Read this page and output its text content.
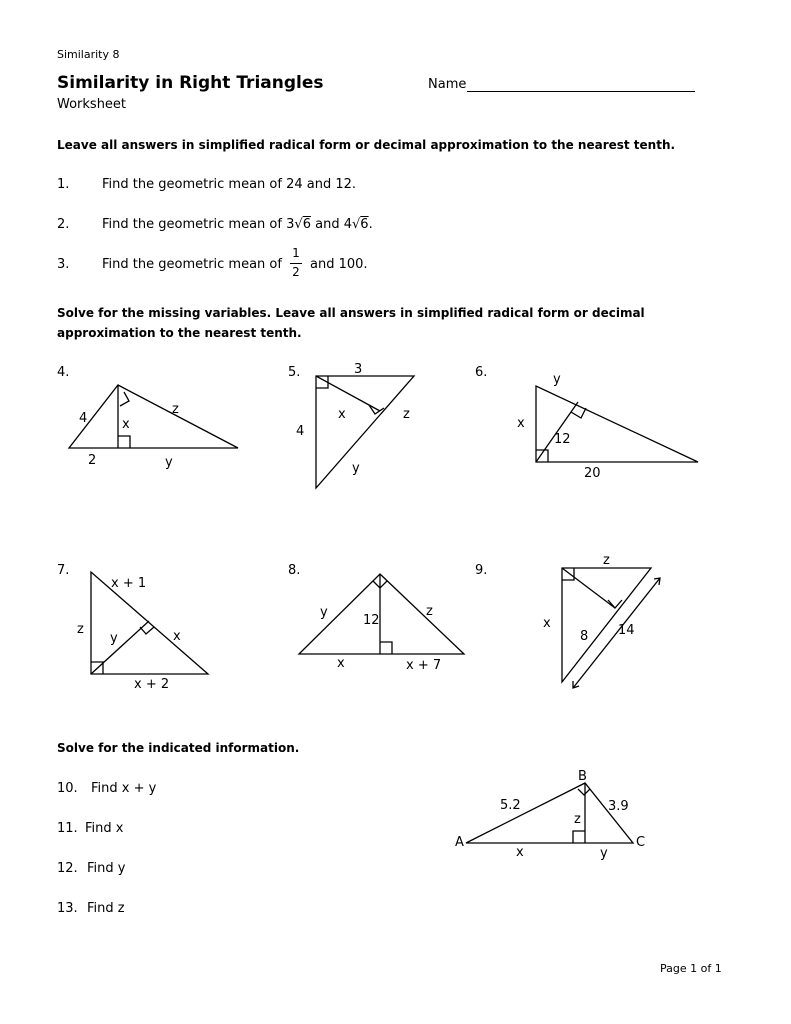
Similarity 8
Similarity in Right Triangles
Worksheet
Name
Leave all answers in simplified radical form or decimal approximation to the nearest tenth.
1.	Find the geometric mean of 24 and 12.
2.	Find the geometric mean of 3√6 and 4√6.
3.	Find the geometric mean of
1
2 and 100.
Solve for the missing variables. Leave all answers in simplified radical form or decimal
approximation to the nearest tenth.
4.	5.	6.
7.	8.	9.
4
z
x
2	y
3
x	z
4
y
y
x
12
20
x + 1
z
y	x
x + 2
y
12
z
x	x + 7
z
x
8 14
Solve for the indicated information.
10. Find x + y
11. Find x
12. Find y
13. Find z
B
5.2	3.9
z
A	C
x	y
Page 1 of 1
